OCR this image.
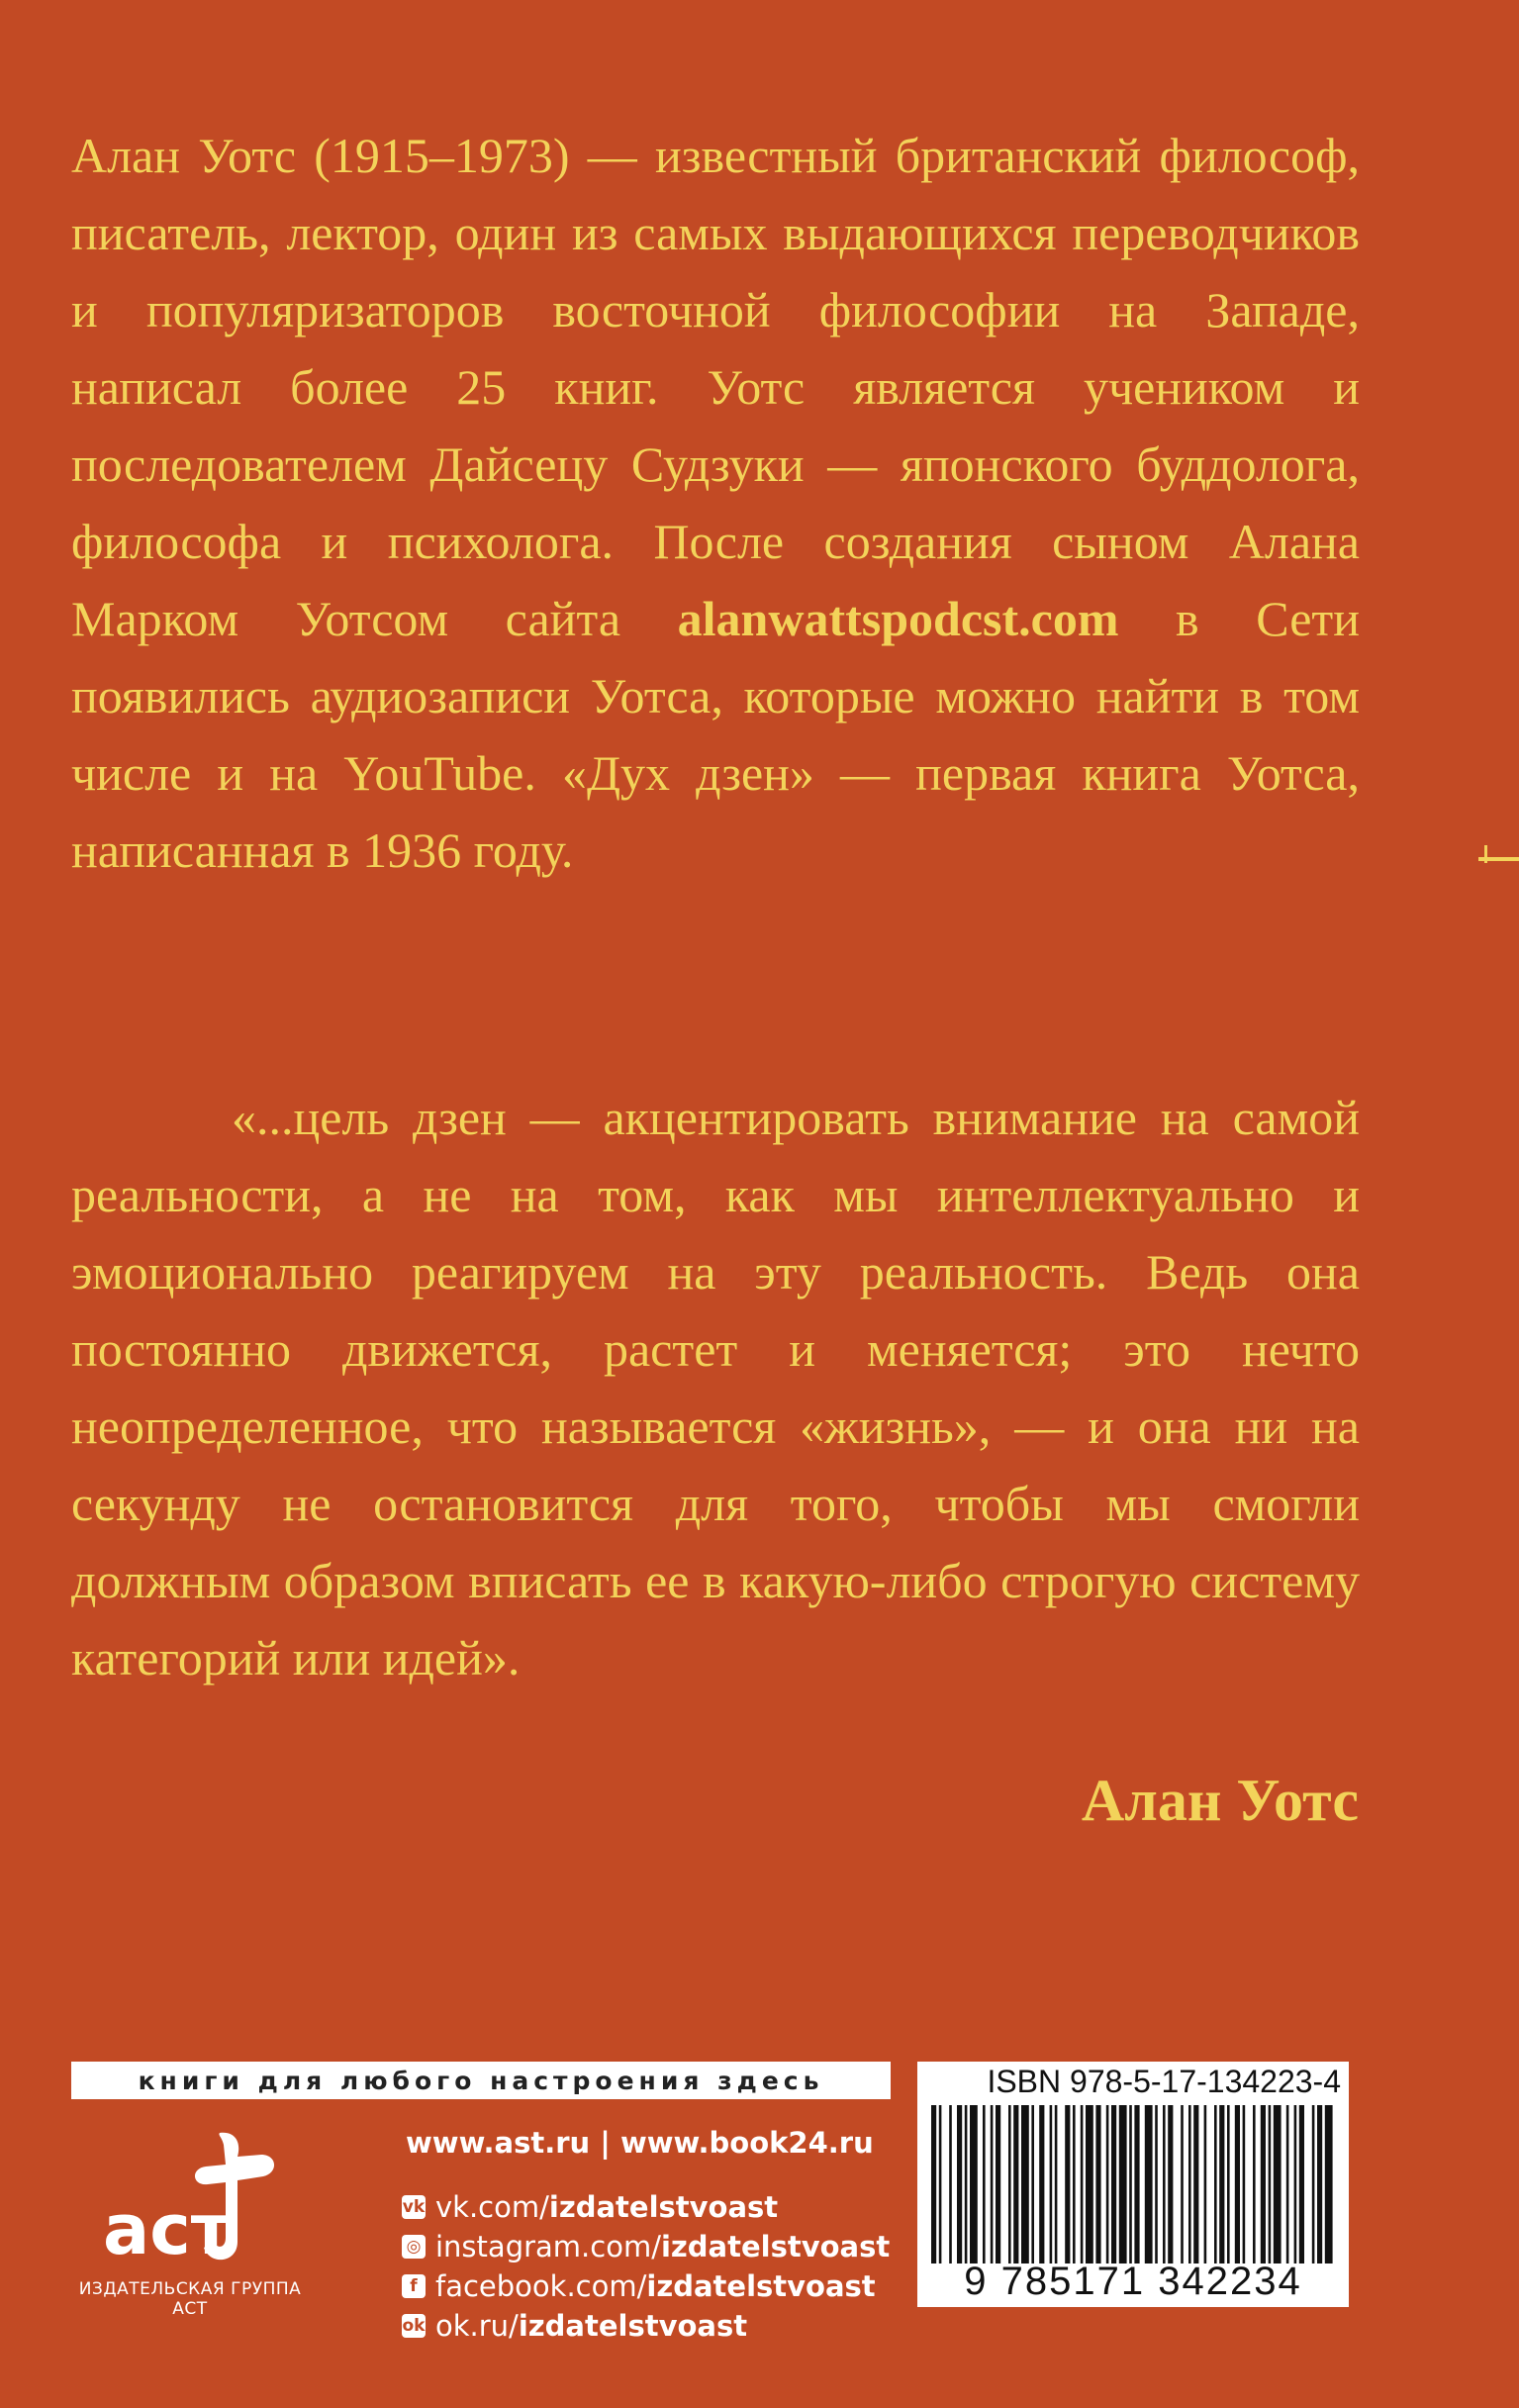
Алан Уотс (1915–1973) — известный британский философ, писатель, лектор, один из самых выдающихся переводчиков и популяризаторов восточной философии на Западе, написал более 25 книг. Уотс является учеником и последователем Дайсецу Судзуки — японского буддолога, философа и психолога. После создания сыном Алана Марком Уотсом сайта alanwattspodcst.com в Сети появились аудиозаписи Уотса, которые можно найти в том числе и на YouTube. «Дух дзен» — первая книга Уотса, написанная в 1936 году.
«...цель дзен — акцентировать внимание на самой реальности, а не на том, как мы интеллектуально и эмоционально реагируем на эту реальность. Ведь она постоянно движется, растет и меняется; это нечто неопределенное, что называется «жизнь», — и она ни на секунду не остановится для того, чтобы мы смогли должным образом вписать ее в какую-либо строгую систему категорий или идей».
Алан Уотс
книги для любого настроения здесь
аст
ИЗДАТЕЛЬСКАЯ ГРУППА АСТ
www.ast.ru | www.book24.ru
vk vk.com/ izdatelstvoast
◎ instagram.com/ izdatelstvoast
f facebook.com/ izdatelstvoast
ok ok.ru/ izdatelstvoast
ISBN 978-5-17-134223-4
9 785171 342234
